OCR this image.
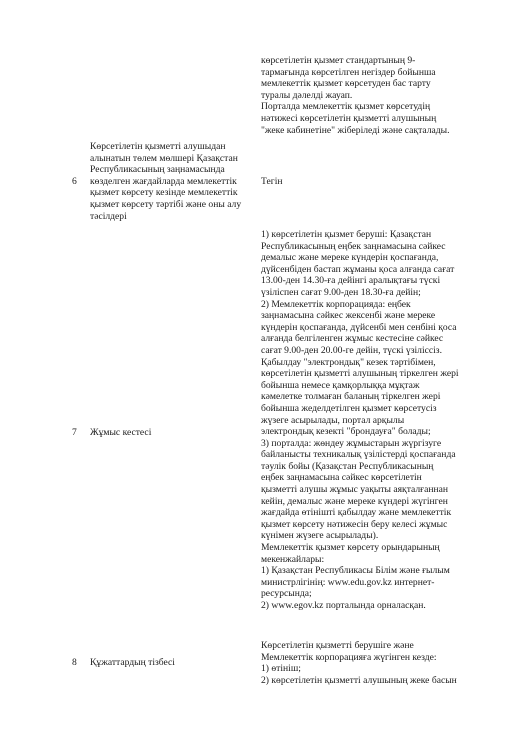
көрсетілетін қызмет стандартының 9-
тармағында көрсетілген негіздер бойынша
мемлекеттік қызмет көрсетуден бас тарту
туралы дәлелді жауап.
Порталда мемлекеттік қызмет көрсетудің
нәтижесі көрсетілетін қызметті алушының
"жеке кабинетіне" жіберіледі және сақталады.
6
Көрсетілетін қызметті алушыдан
алынатын төлем мөлшері Қазақстан
Республикасының заңнамасында
көзделген жағдайларда мемлекеттік
қызмет көрсету кезінде мемлекеттік
қызмет көрсету тәртібі және оны алу
тәсілдері
Тегін
7	Жұмыс кестесі
1) көрсетілетін қызмет беруші: Қазақстан
Республикасының еңбек заңнамасына сәйкес
демалыс және мереке күндерін қоспағанда,
дүйсенбіден бастап жұманы қоса алғанда сағат
13.00-ден 14.30-ға дейінгі аралықтағы түскі
үзіліспен сағат 9.00-ден 18.30-ға дейін;
2) Мемлекеттік корпорацияда: еңбек
заңнамасына сәйкес жексенбі және мереке
күндерін қоспағанда, дүйсенбі мен сенбіні қоса
алғанда белгіленген жұмыс кестесіне сәйкес
сағат 9.00-ден 20.00-ге дейін, түскі үзіліссіз.
Қабылдау "электрондық" кезек тәртібімен,
көрсетілетін қызметті алушының тіркелген жері
бойынша немесе қамқорлыққа мұқтаж
кәмелетке толмаған баланың тіркелген жері
бойынша жеделдетілген қызмет көрсетусіз
жүзеге асырылады, портал арқылы
электрондық кезекті "брондауға" болады;
3) порталда: жөндеу жұмыстарын жүргізуге
байланысты техникалық үзілістерді қоспағанда
тәулік бойы (Қазақстан Республикасының
еңбек заңнамасына сәйкес көрсетілетін
қызметті алушы жұмыс уақыты аяқталғаннан
кейін, демалыс және мереке күндері жүгінген
жағдайда өтінішті қабылдау және мемлекеттік
қызмет көрсету нәтижесін беру келесі жұмыс
күнімен жүзеге асырылады).
Мемлекеттік қызмет көрсету орындарының
мекенжайлары:
1) Қазақстан Республикасы Білім және ғылым
министрлігінің: www.edu.gov.kz интернет-
ресурсында;
2) www.egov.kz порталында орналасқан.
8	Құжаттардың тізбесі
Көрсетілетін қызметті берушіге және
Мемлекеттік корпорацияға жүгінген кезде:
1) өтініш;
2) көрсетілетін қызметті алушының жеке басын
